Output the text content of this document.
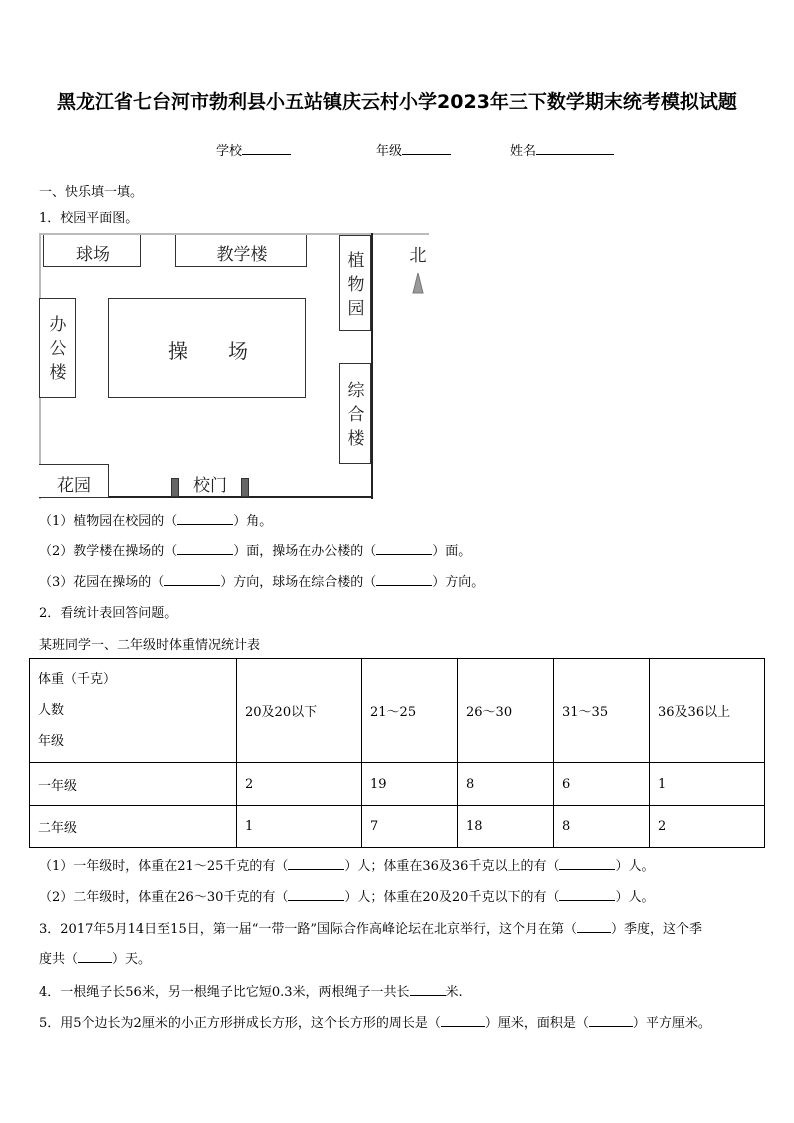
黑龙江省七台河市勃利县小五站镇庆云村小学2023年三下数学期末统考模拟试题
学校	年级	姓名
一、快乐填一填。
1．校园平面图。
球场	教学楼	植
物
园
办
公
楼
操　　场
综
合
楼
花园	校门
北
（1）植物园在校园的（	）角。
（2）教学楼在操场的（	）面，操场在办公楼的（	）面。
（3）花园在操场的（	）方向，球场在综合楼的（	）方向。
2．看统计表回答问题。
某班同学一、二年级时体重情况统计表
体重（千克）
人数
年级	20及20以下	21～25	26～30	31～35	36及36以上
一年级	2	19	8	6	1
二年级	1	7	18	8	2
（1）一年级时，体重在21～25千克的有（	）人；体重在36及36千克以上的有（	）人。
（2）二年级时，体重在26～30千克的有（	）人；体重在20及20千克以下的有（	）人。
3．2017年5月14日至15日，第一届“一带一路”国际合作高峰论坛在北京举行，这个月在第（	）季度，这个季
度共（	）天。
4．一根绳子长56米，另一根绳子比它短0.3米，两根绳子一共长	米.
5．用5个边长为2厘米的小正方形拼成长方形，这个长方形的周长是（	）厘米，面积是（	）平方厘米。
